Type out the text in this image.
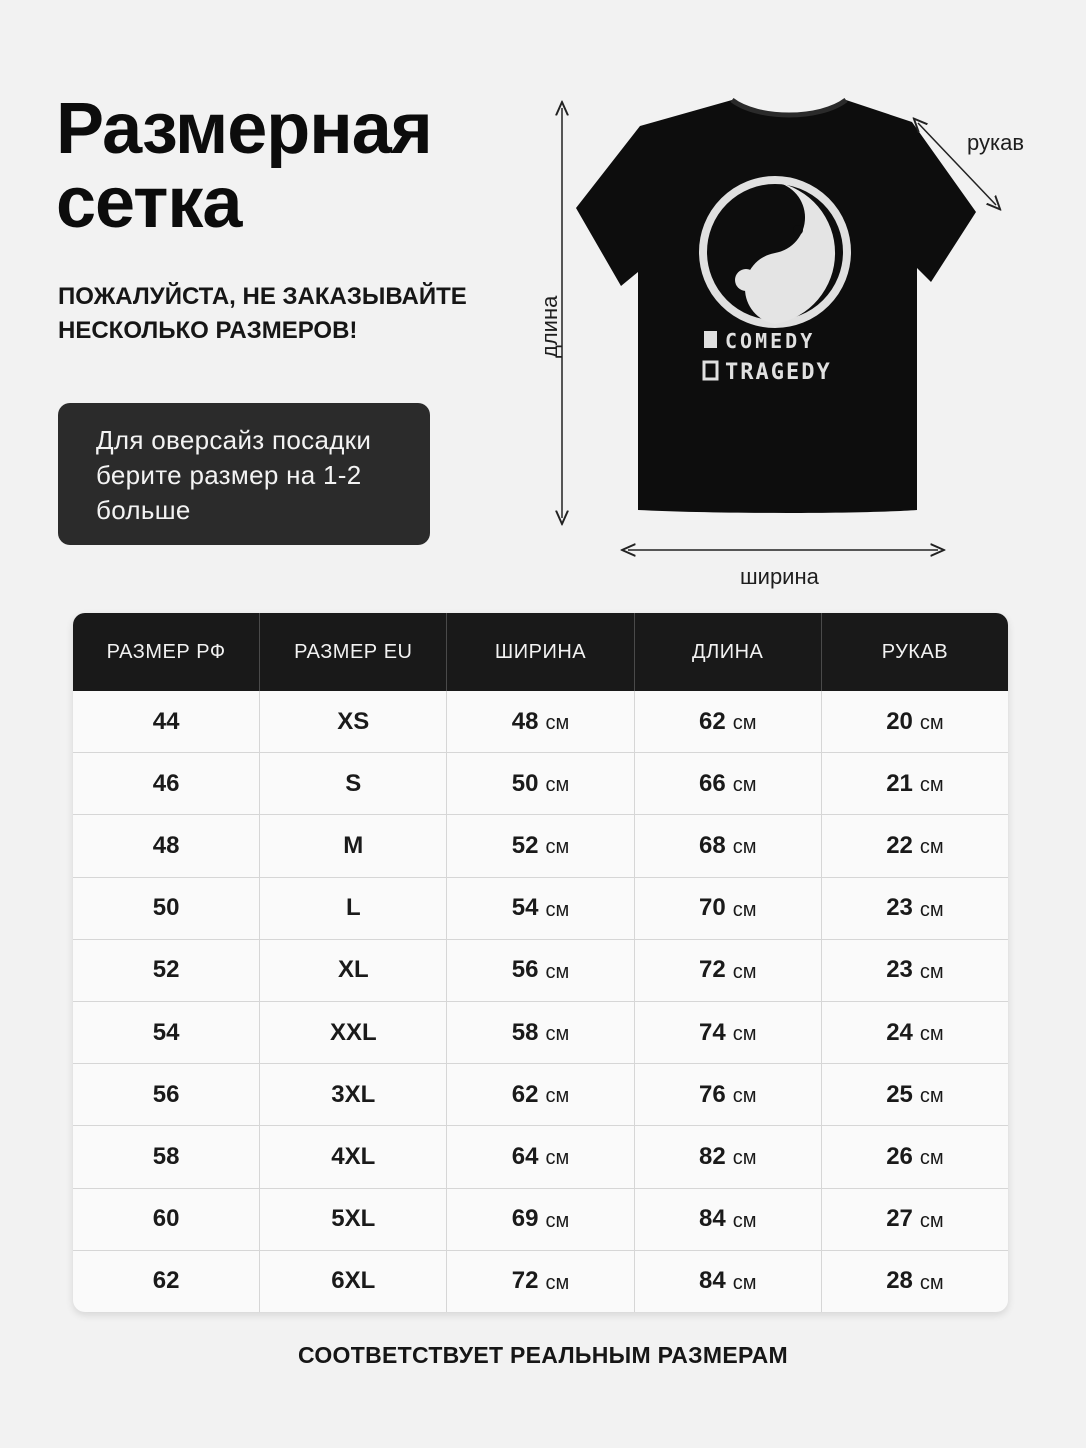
Размерная
сетка

ПОЖАЛУЙСТА, НЕ ЗАКАЗЫВАЙТЕ
НЕСКОЛЬКО РАЗМЕРОВ!

Для оверсайз посадки
берите размер на 1-2
больше
COMEDY
TRAGEDY
рукав
длина
ширина
РАЗМЕР РФ	РАЗМЕР EU	ШИРИНА	ДЛИНА	РУКАВ
44	XS	48 см	62 см	20 см
46	S	50 см	66 см	21 см
48	M	52 см	68 см	22 см
50	L	54 см	70 см	23 см
52	XL	56 см	72 см	23 см
54	XXL	58 см	74 см	24 см
56	3XL	62 см	76 см	25 см
58	4XL	64 см	82 см	26 см
60	5XL	69 см	84 см	27 см
62	6XL	72 см	84 см	28 см

СООТВЕТСТВУЕТ РЕАЛЬНЫМ РАЗМЕРАМ
